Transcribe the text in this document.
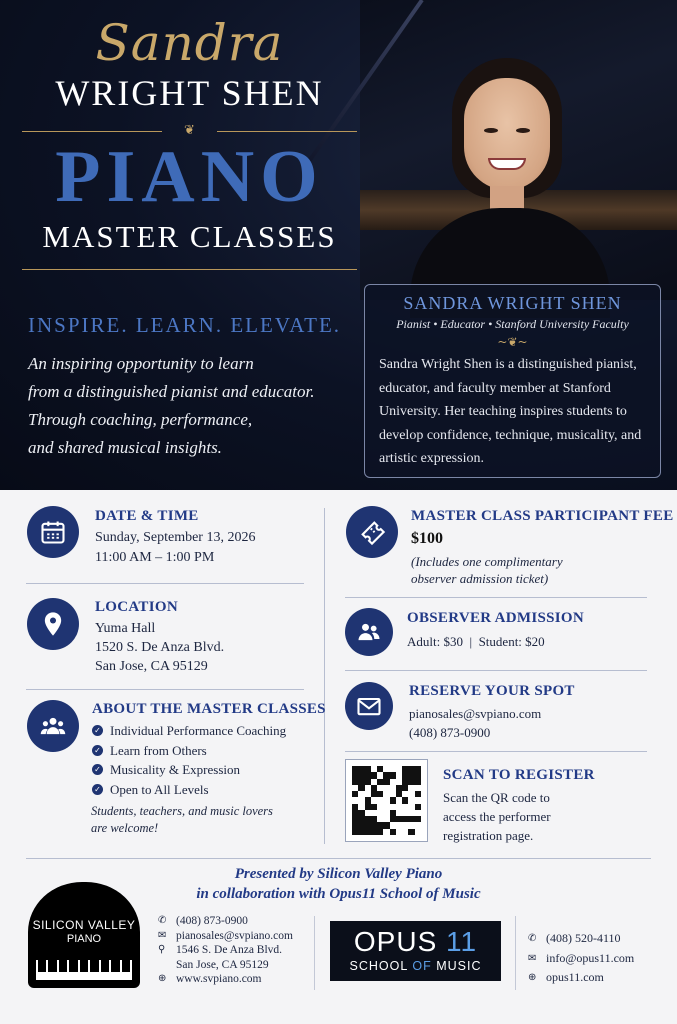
Sandra
WRIGHT SHEN
❦
PIANO
MASTER CLASSES
INSPIRE. LEARN. ELEVATE.
An inspiring opportunity to learn
from a distinguished pianist and educator.
Through coaching, performance,
and shared musical insights.
SANDRA WRIGHT SHEN
Pianist • Educator • Stanford University Faculty
~❦~
Sandra Wright Shen is a distinguished pianist, educator, and faculty member at Stanford University. Her teaching inspires students to develop confidence, technique, musicality, and artistic expression.
DATE & TIME
Sunday, September 13, 2026
11:00 AM – 1:00 PM
LOCATION
Yuma Hall
1520 S. De Anza Blvd.
San Jose, CA 95129
ABOUT THE MASTER CLASSES
✓ Individual Performance Coaching
✓ Learn from Others
✓ Musicality & Expression
✓ Open to All Levels
Students, teachers, and music lovers
are welcome!
MASTER CLASS PARTICIPANT FEE
$100
(Includes one complimentary
observer admission ticket)
OBSERVER ADMISSION
Adult: $30  |  Student: $20
RESERVE YOUR SPOT
pianosales@svpiano.com
(408) 873-0900
SCAN TO REGISTER
Scan the QR code to
access the performer
registration page.
Presented by Silicon Valley Piano
in collaboration with Opus11 School of Music
SILICON VALLEY
PIANO
✆ (408) 873-0900
✉ pianosales@svpiano.com
⚲ 1546 S. De Anza Blvd.
San Jose, CA 95129
⊕ www.svpiano.com
OPUS 11
SCHOOL OF MUSIC
✆ (408) 520-4110
✉ info@opus11.com
⊕ opus11.com
